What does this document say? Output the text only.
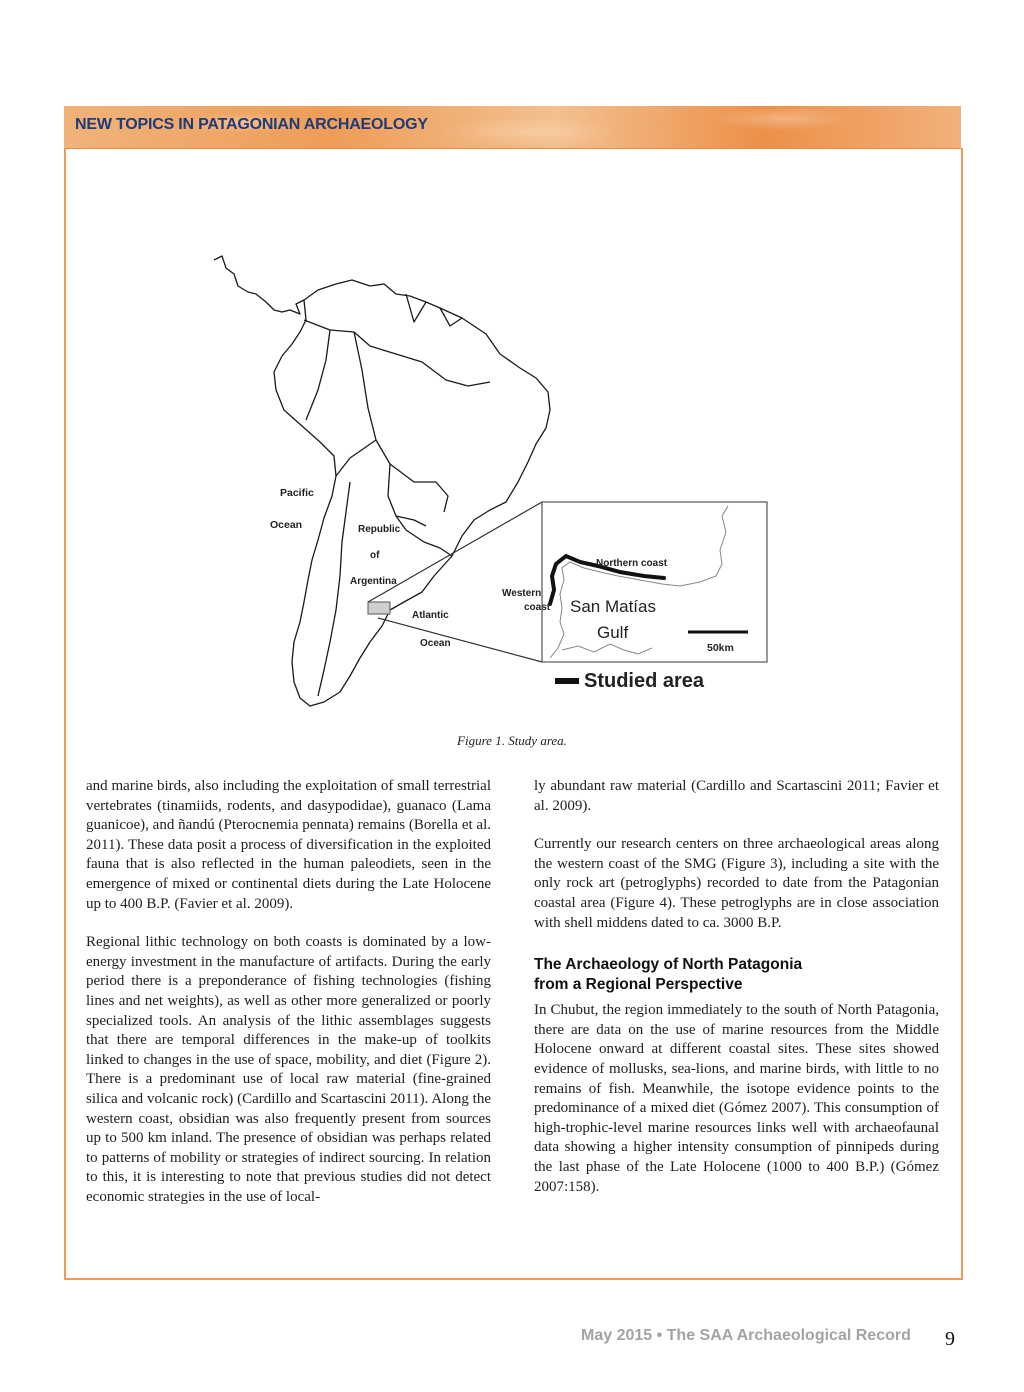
NEW TOPICS IN PATAGONIAN ARCHAEOLOGY
Pacific
Ocean	Republic
of
Argentina
Atlantic
Ocean
Western
coast
Northern coast
San Matías
Gulf
50km
Studied area
Figure 1. Study area.

and marine birds, also including the exploitation of small terrestrial vertebrates (tinamiids, rodents, and dasypodidae), guanaco (Lama guanicoe), and ñandú (Pterocnemia pennata) remains (Borella et al. 2011). These data posit a process of diversification in the exploited fauna that is also reflected in the human paleodiets, seen in the emergence of mixed or continental diets during the Late Holocene up to 400 B.P. (Favier et al. 2009).

Regional lithic technology on both coasts is dominated by a low-energy investment in the manufacture of artifacts. During the early period there is a preponderance of fishing technologies (fishing lines and net weights), as well as other more generalized or poorly specialized tools. An analysis of the lithic assemblages suggests that there are temporal differences in the make-up of toolkits linked to changes in the use of space, mobility, and diet (Figure 2). There is a predominant use of local raw material (fine-grained silica and volcanic rock) (Cardillo and Scartascini 2011). Along the western coast, obsidian was also frequently present from sources up to 500 km inland. The presence of obsidian was perhaps related to patterns of mobility or strategies of indirect sourcing. In relation to this, it is interesting to note that previous studies did not detect economic strategies in the use of local-

ly abundant raw material (Cardillo and Scartascini 2011; Favier et al. 2009).

Currently our research centers on three archaeological areas along the western coast of the SMG (Figure 3), including a site with the only rock art (petroglyphs) recorded to date from the Patagonian coastal area (Figure 4). These petroglyphs are in close association with shell middens dated to ca. 3000 B.P.

The Archaeology of North Patagonia
from a Regional Perspective

In Chubut, the region immediately to the south of North Patagonia, there are data on the use of marine resources from the Middle Holocene onward at different coastal sites. These sites showed evidence of mollusks, sea-lions, and marine birds, with little to no remains of fish. Meanwhile, the isotope evidence points to the predominance of a mixed diet (Gómez 2007). This consumption of high-trophic-level marine resources links well with archaeofaunal data showing a higher intensity consumption of pinnipeds during the last phase of the Late Holocene (1000 to 400 B.P.) (Gómez 2007:158).

May 2015 • The SAA Archaeological Record 9
